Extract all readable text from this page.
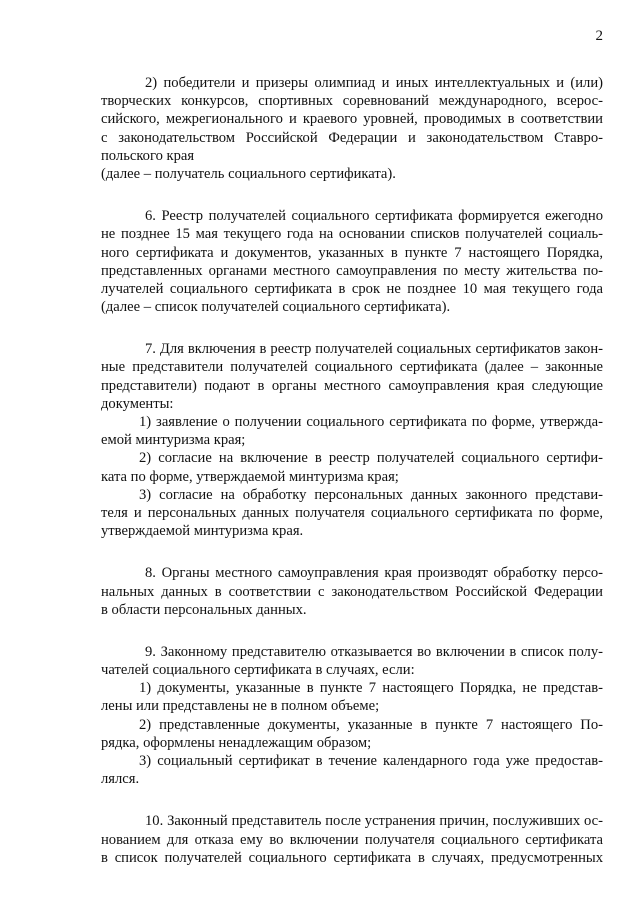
2
2) победители и призеры олимпиад и иных интеллектуальных и (или)
творческих конкурсов, спортивных соревнований международного, всерос-
сийского, межрегионального и краевого уровней, проводимых в соответствии
с законодательством Российской Федерации и законодательством Ставро-
польского края
(далее – получатель социального сертификата).
6. Реестр получателей социального сертификата формируется ежегодно
не позднее 15 мая текущего года на основании списков получателей социаль-
ного сертификата и документов, указанных в пункте 7 настоящего Порядка,
представленных органами местного самоуправления по месту жительства по-
лучателей социального сертификата в срок не позднее 10 мая текущего года
(далее – список получателей социального сертификата).
7. Для включения в реестр получателей социальных сертификатов закон-
ные представители получателей социального сертификата (далее – законные
представители) подают в органы местного самоуправления края следующие
документы:
1) заявление о получении социального сертификата по форме, утвержда-
емой минтуризма края;
2) согласие на включение в реестр получателей социального сертифи-
ката по форме, утверждаемой минтуризма края;
3) согласие на обработку персональных данных законного представи-
теля и персональных данных получателя социального сертификата по форме,
утверждаемой минтуризма края.
8. Органы местного самоуправления края производят обработку персо-
нальных данных в соответствии с законодательством Российской Федерации
в области персональных данных.
9. Законному представителю отказывается во включении в список полу-
чателей социального сертификата в случаях, если:
1) документы, указанные в пункте 7 настоящего Порядка, не представ-
лены или представлены не в полном объеме;
2) представленные документы, указанные в пункте 7 настоящего По-
рядка, оформлены ненадлежащим образом;
3) социальный сертификат в течение календарного года уже предостав-
лялся.
10. Законный представитель после устранения причин, послуживших ос-
нованием для отказа ему во включении получателя социального сертификата
в список получателей социального сертификата в случаях, предусмотренных
